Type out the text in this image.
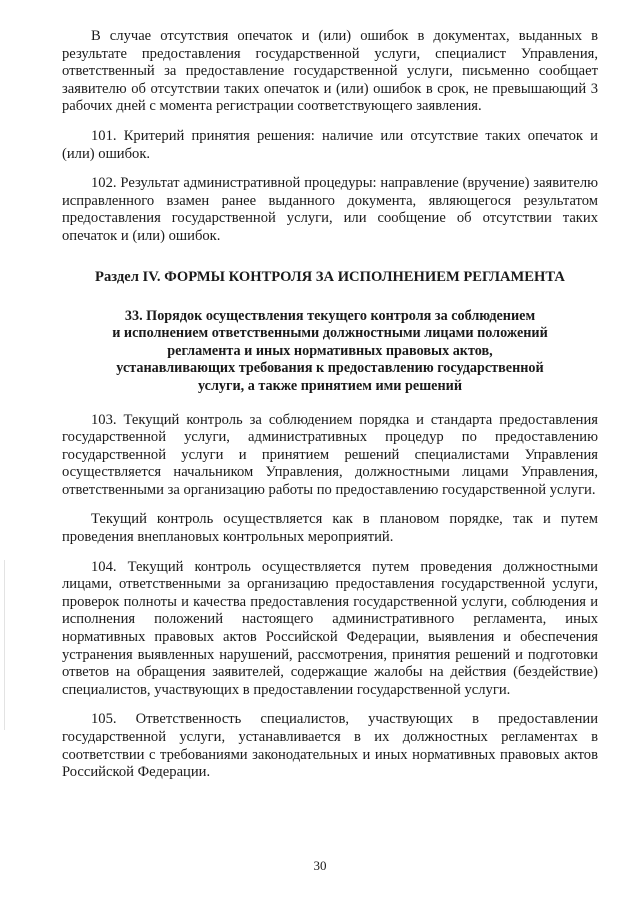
В случае отсутствия опечаток и (или) ошибок в документах, выданных в результате предоставления государственной услуги, специалист Управления, ответственный за предоставление государственной услуги, письменно сообщает заявителю об отсутствии таких опечаток и (или) ошибок в срок, не превышающий 3 рабочих дней с момента регистрации соответствующего заявления.

101. Критерий принятия решения: наличие или отсутствие таких опечаток и (или) ошибок.

102. Результат административной процедуры: направление (вручение) заявителю исправленного взамен ранее выданного документа, являющегося результатом предоставления государственной услуги, или сообщение об отсутствии таких опечаток и (или) ошибок.

Раздел IV. ФОРМЫ КОНТРОЛЯ ЗА ИСПОЛНЕНИЕМ РЕГЛАМЕНТА
33. Порядок осуществления текущего контроля за соблюдением
и исполнением ответственными должностными лицами положений
регламента и иных нормативных правовых актов,
устанавливающих требования к предоставлению государственной
услуги, а также принятием ими решений

103. Текущий контроль за соблюдением порядка и стандарта предоставления государственной услуги, административных процедур по предоставлению государственной услуги и принятием решений специалистами Управления осуществляется начальником Управления, должностными лицами Управления, ответственными за организацию работы по предоставлению государственной услуги.

Текущий контроль осуществляется как в плановом порядке, так и путем проведения внеплановых контрольных мероприятий.

104. Текущий контроль осуществляется путем проведения должностными лицами, ответственными за организацию предоставления государственной услуги, проверок полноты и качества предоставления государственной услуги, соблюдения и исполнения положений настоящего административного регламента, иных нормативных правовых актов Российской Федерации, выявления и обеспечения устранения выявленных нарушений, рассмотрения, принятия решений и подготовки ответов на обращения заявителей, содержащие жалобы на действия (бездействие) специалистов, участвующих в предоставлении государственной услуги.

105. Ответственность специалистов, участвующих в предоставлении государственной услуги, устанавливается в их должностных регламентах в соответствии с требованиями законодательных и иных нормативных правовых актов Российской Федерации.

30
